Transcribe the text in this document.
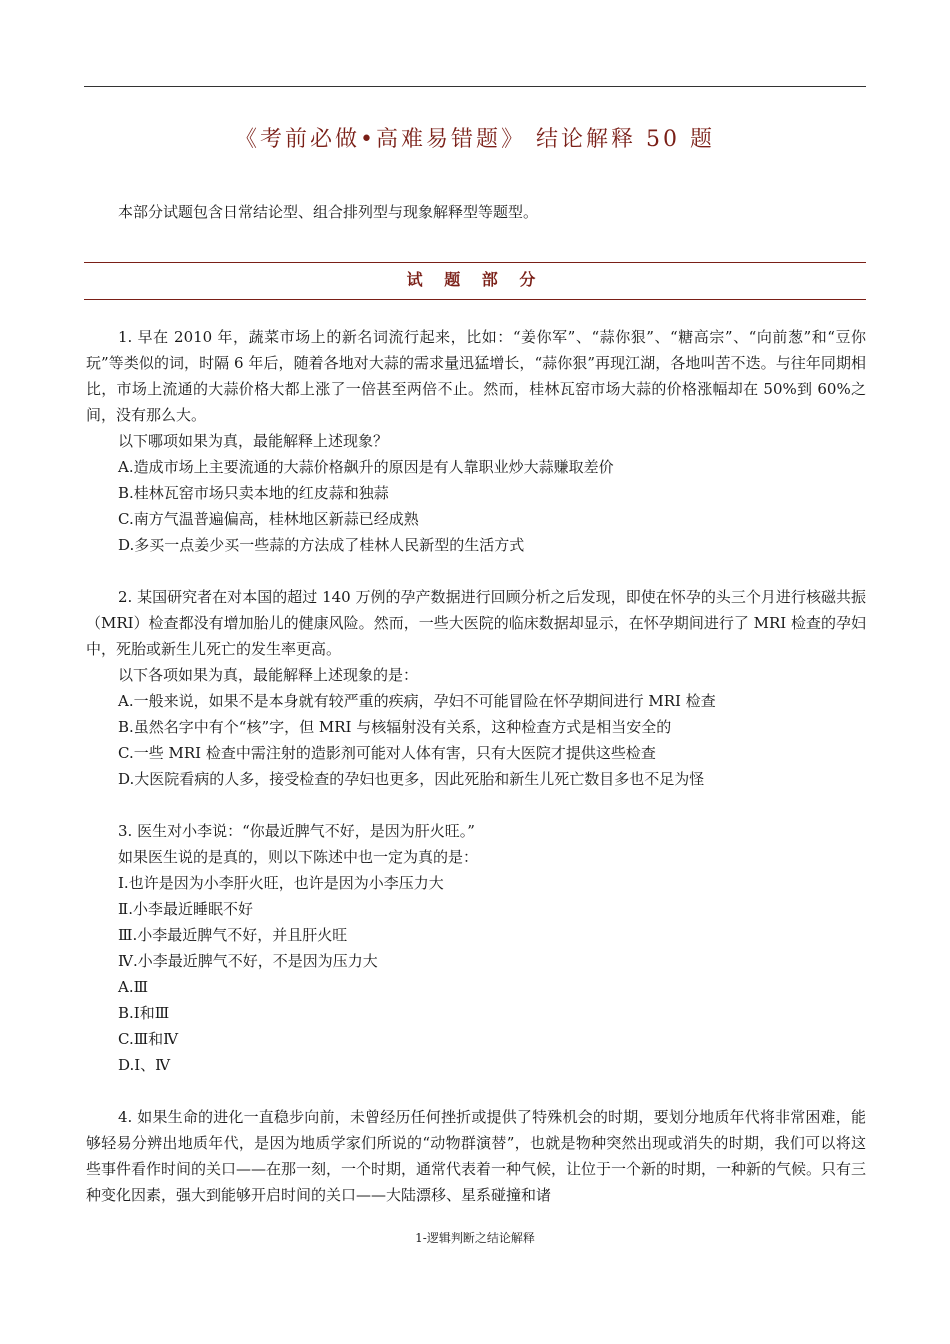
《考前必做•高难易错题》 结论解释 50 题
本部分试题包含日常结论型、组合排列型与现象解释型等题型。
试 题 部 分

1. 早在 2010 年，蔬菜市场上的新名词流行起来，比如：“姜你军”、“蒜你狠”、“糖高宗”、“向前葱”和“豆你玩”等类似的词，时隔 6 年后，随着各地对大蒜的需求量迅猛增长，“蒜你狠”再现江湖，各地叫苦不迭。与往年同期相比，市场上流通的大蒜价格大都上涨了一倍甚至两倍不止。然而，桂林瓦窑市场大蒜的价格涨幅却在 50%到 60%之间，没有那么大。

以下哪项如果为真，最能解释上述现象？

A.造成市场上主要流通的大蒜价格飙升的原因是有人靠职业炒大蒜赚取差价

B.桂林瓦窑市场只卖本地的红皮蒜和独蒜

C.南方气温普遍偏高，桂林地区新蒜已经成熟

D.多买一点姜少买一些蒜的方法成了桂林人民新型的生活方式

2. 某国研究者在对本国的超过 140 万例的孕产数据进行回顾分析之后发现，即使在怀孕的头三个月进行核磁共振（MRI）检查都没有增加胎儿的健康风险。然而，一些大医院的临床数据却显示，在怀孕期间进行了 MRI 检查的孕妇中，死胎或新生儿死亡的发生率更高。

以下各项如果为真，最能解释上述现象的是：

A.一般来说，如果不是本身就有较严重的疾病，孕妇不可能冒险在怀孕期间进行 MRI 检查

B.虽然名字中有个“核”字，但 MRI 与核辐射没有关系，这种检查方式是相当安全的

C.一些 MRI 检查中需注射的造影剂可能对人体有害，只有大医院才提供这些检查

D.大医院看病的人多，接受检查的孕妇也更多，因此死胎和新生儿死亡数目多也不足为怪

3. 医生对小李说：“你最近脾气不好，是因为肝火旺。”

如果医生说的是真的，则以下陈述中也一定为真的是：

Ⅰ.也许是因为小李肝火旺，也许是因为小李压力大

Ⅱ.小李最近睡眠不好

Ⅲ.小李最近脾气不好，并且肝火旺

Ⅳ.小李最近脾气不好，不是因为压力大

A.Ⅲ

B.Ⅰ和Ⅲ

C.Ⅲ和Ⅳ

D.Ⅰ、Ⅳ

4. 如果生命的进化一直稳步向前，未曾经历任何挫折或提供了特殊机会的时期，要划分地质年代将非常困难，能够轻易分辨出地质年代，是因为地质学家们所说的“动物群演替”，也就是物种突然出现或消失的时期，我们可以将这些事件看作时间的关口——在那一刻，一个时期，通常代表着一种气候，让位于一个新的时期，一种新的气候。只有三种变化因素，强大到能够开启时间的关口——大陆漂移、星系碰撞和诸

1-逻辑判断之结论解释
